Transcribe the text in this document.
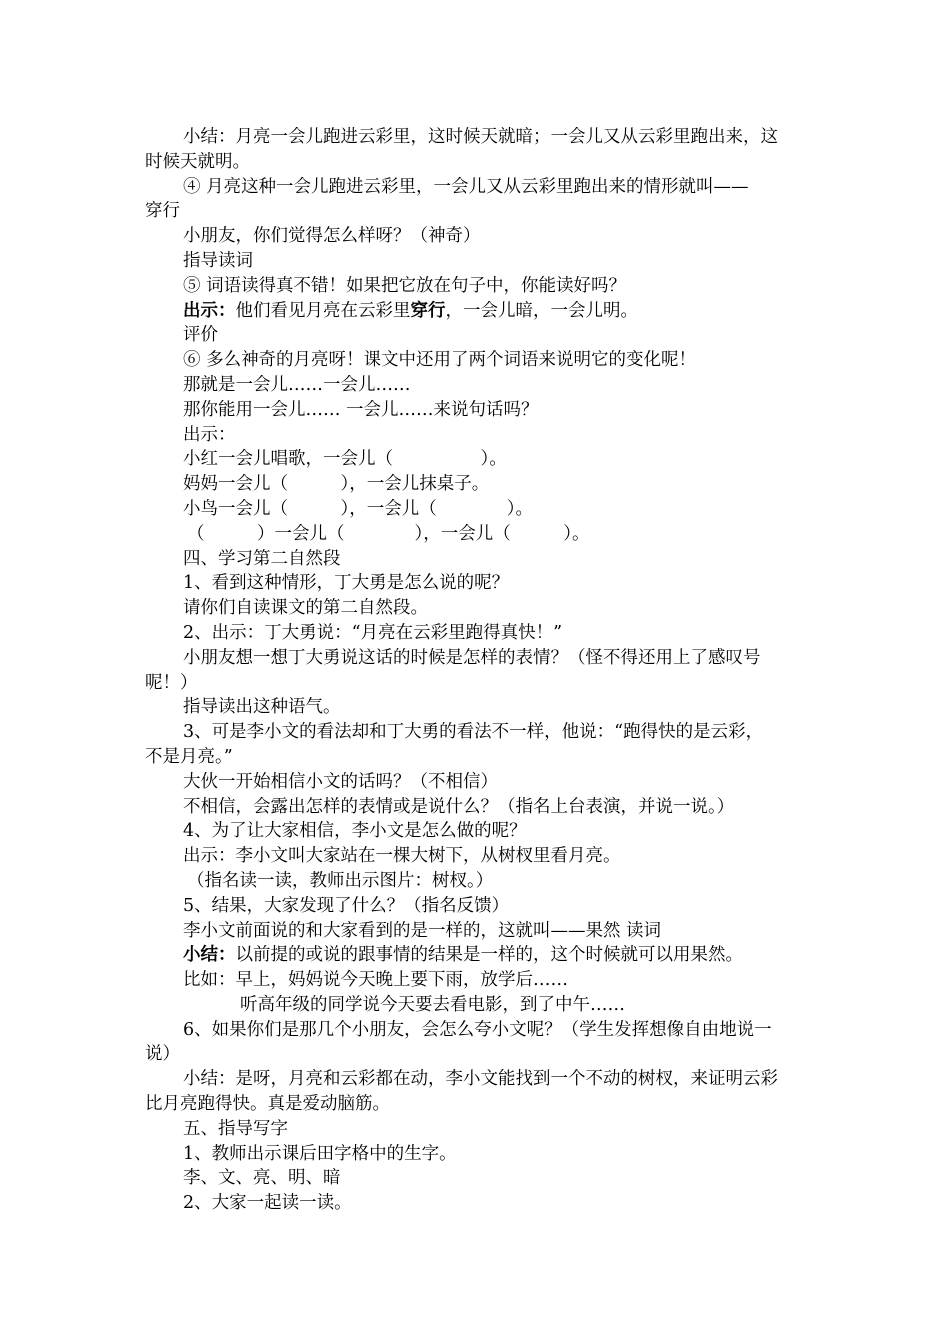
小结：月亮一会儿跑进云彩里，这时候天就暗；一会儿又从云彩里跑出来，这
时候天就明。
④ 月亮这种一会儿跑进云彩里，一会儿又从云彩里跑出来的情形就叫——
穿行
小朋友，你们觉得怎么样呀？（神奇）
指导读词
⑤ 词语读得真不错！如果把它放在句子中，你能读好吗？
出示：他们看见月亮在云彩里穿行，一会儿暗，一会儿明。
评价
⑥ 多么神奇的月亮呀！课文中还用了两个词语来说明它的变化呢！
那就是一会儿……一会儿……
那你能用一会儿…… 一会儿……来说句话吗？
出示：
小红一会儿唱歌，一会儿（　　　　　）。
妈妈一会儿（　　　），一会儿抹桌子。
小鸟一会儿（　　　），一会儿（　　　　）。
（　　　）一会儿（　　　　），一会儿（　　　）。
四、学习第二自然段
1、看到这种情形，丁大勇是怎么说的呢？
请你们自读课文的第二自然段。
2、出示：丁大勇说：“月亮在云彩里跑得真快！”
小朋友想一想丁大勇说这话的时候是怎样的表情？（怪不得还用上了感叹号
呢！）
指导读出这种语气。
3、可是李小文的看法却和丁大勇的看法不一样，他说：“跑得快的是云彩，
不是月亮。”
大伙一开始相信小文的话吗？（不相信）
不相信，会露出怎样的表情或是说什么？（指名上台表演，并说一说。）
4、为了让大家相信，李小文是怎么做的呢？
出示：李小文叫大家站在一棵大树下，从树杈里看月亮。
（指名读一读，教师出示图片：树杈。）
5、结果，大家发现了什么？（指名反馈）
李小文前面说的和大家看到的是一样的，这就叫——果然 读词
小结：以前提的或说的跟事情的结果是一样的，这个时候就可以用果然。
比如：早上，妈妈说今天晚上要下雨，放学后……
听高年级的同学说今天要去看电影，到了中午……
6、如果你们是那几个小朋友，会怎么夸小文呢？（学生发挥想像自由地说一
说）
小结：是呀，月亮和云彩都在动，李小文能找到一个不动的树杈，来证明云彩
比月亮跑得快。真是爱动脑筋。
五、指导写字
1、教师出示课后田字格中的生字。
李、文、亮、明、暗
2、大家一起读一读。
